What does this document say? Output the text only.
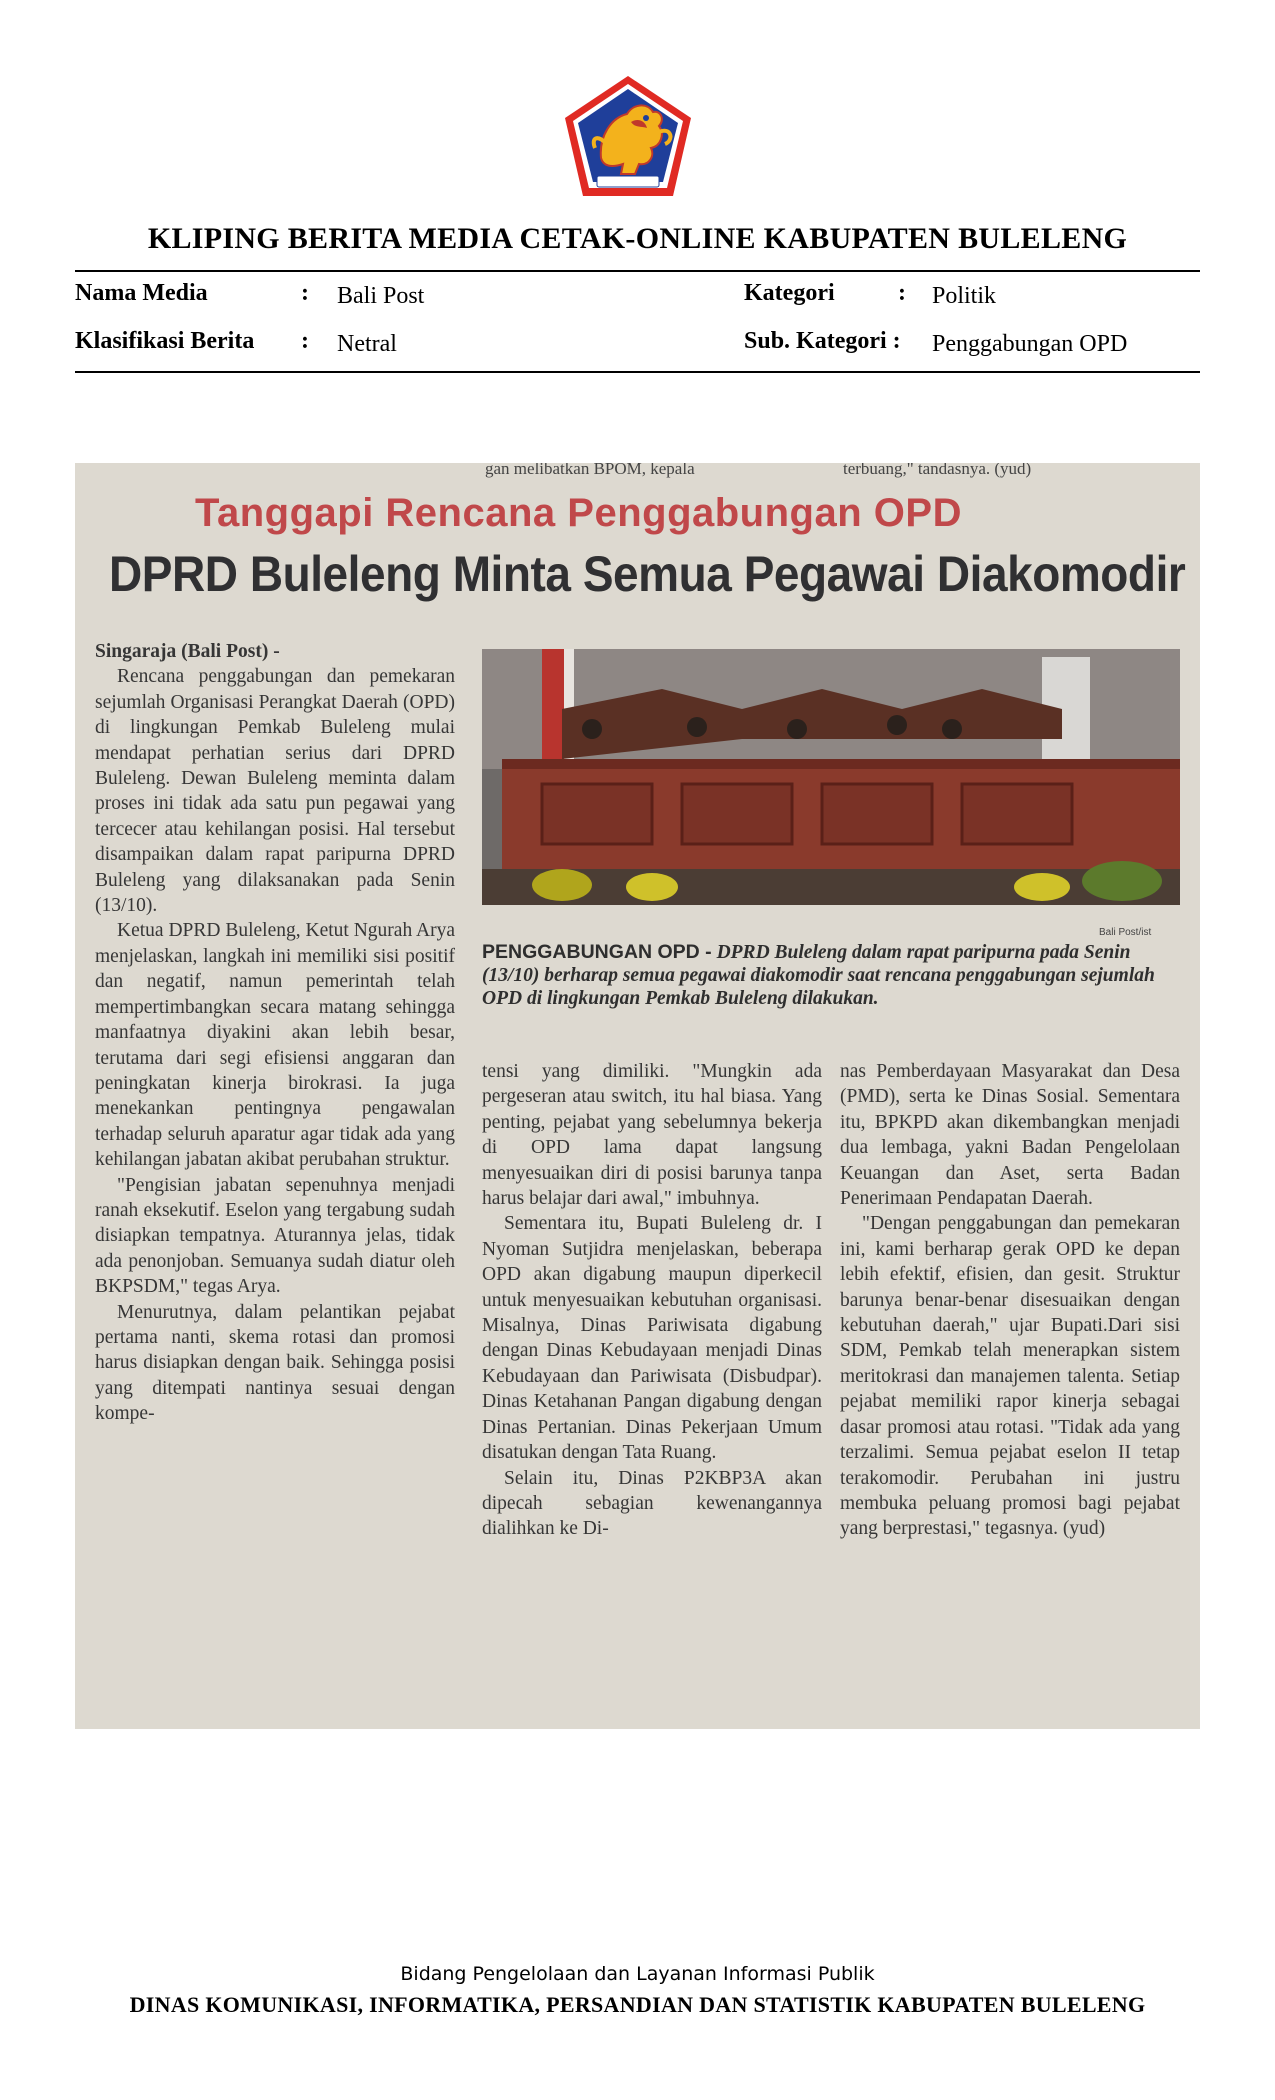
KLIPING BERITA MEDIA CETAK-ONLINE KABUPATEN BULELENG
Nama Media	: Bali Post	Kategori	: Politik
Klasifikasi Berita : Netral	Sub. Kategori : Penggabungan OPD
gan melibatkan BPOM, kepala	terbuang," tandasnya. (yud)
Tanggapi Rencana Penggabungan OPD
DPRD Buleleng Minta Semua Pegawai Diakomodir

Singaraja (Bali Post) -

Rencana penggabungan dan pemekaran sejumlah Organisasi Perangkat Daerah (OPD) di lingkungan Pemkab Buleleng mulai mendapat perhatian serius dari DPRD Buleleng. Dewan Buleleng meminta dalam proses ini tidak ada satu pun pegawai yang tercecer atau kehilangan posisi. Hal tersebut disampaikan dalam rapat paripurna DPRD Buleleng yang dilaksanakan pada Senin (13/10).

Ketua DPRD Buleleng, Ketut Ngurah Arya menjelaskan, langkah ini memiliki sisi positif dan negatif, namun pemerintah telah mempertimbangkan secara matang sehingga manfaatnya diyakini akan lebih besar, terutama dari segi efisiensi anggaran dan peningkatan kinerja birokrasi. Ia juga menekankan pentingnya pengawalan terhadap seluruh aparatur agar tidak ada yang kehilangan jabatan akibat perubahan struktur.

"Pengisian jabatan sepenuhnya menjadi ranah eksekutif. Eselon yang tergabung sudah disiapkan tempatnya. Aturannya jelas, tidak ada penonjoban. Semuanya sudah diatur oleh BKPSDM," tegas Arya.

Menurutnya, dalam pelantikan pejabat pertama nanti, skema rotasi dan promosi harus disiapkan dengan baik. Sehingga posisi yang ditempati nantinya sesuai dengan kompe-

Bali Post/ist
PENGGABUNGAN OPD - DPRD Buleleng dalam rapat paripurna pada Senin (13/10) berharap semua pegawai diakomodir saat rencana penggabungan sejumlah OPD di lingkungan Pemkab Buleleng dilakukan.

tensi yang dimiliki. "Mungkin ada pergeseran atau switch, itu hal biasa. Yang penting, pejabat yang sebelumnya bekerja di OPD lama dapat langsung menyesuaikan diri di posisi barunya tanpa harus belajar dari awal," imbuhnya.

Sementara itu, Bupati Buleleng dr. I Nyoman Sutjidra menjelaskan, beberapa OPD akan digabung maupun diperkecil untuk menyesuaikan kebutuhan organisasi. Misalnya, Dinas Pariwisata digabung dengan Dinas Kebudayaan menjadi Dinas Kebudayaan dan Pariwisata (Disbudpar). Dinas Ketahanan Pangan digabung dengan Dinas Pertanian. Dinas Pekerjaan Umum disatukan dengan Tata Ruang.

Selain itu, Dinas P2KBP3A akan dipecah sebagian kewenangannya dialihkan ke Di-

nas Pemberdayaan Masyarakat dan Desa (PMD), serta ke Dinas Sosial. Sementara itu, BPKPD akan dikembangkan menjadi dua lembaga, yakni Badan Pengelolaan Keuangan dan Aset, serta Badan Penerimaan Pendapatan Daerah.

"Dengan penggabungan dan pemekaran ini, kami berharap gerak OPD ke depan lebih efektif, efisien, dan gesit. Struktur barunya benar-benar disesuaikan dengan kebutuhan daerah," ujar Bupati.Dari sisi SDM, Pemkab telah menerapkan sistem meritokrasi dan manajemen talenta. Setiap pejabat memiliki rapor kinerja sebagai dasar promosi atau rotasi. "Tidak ada yang terzalimi. Semua pejabat eselon II tetap terakomodir. Perubahan ini justru membuka peluang promosi bagi pejabat yang berprestasi," tegasnya. (yud)

Bidang Pengelolaan dan Layanan Informasi Publik
DINAS KOMUNIKASI, INFORMATIKA, PERSANDIAN DAN STATISTIK KABUPATEN BULELENG
